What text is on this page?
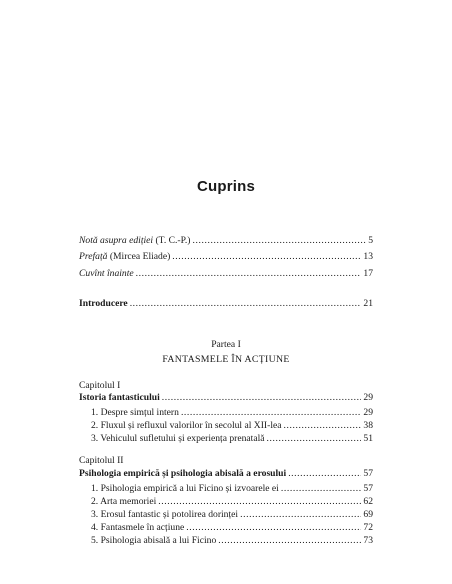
Cuprins
Notă asupra ediției (T. C.-P.) .....	5
Prefață (Mircea Eliade) .....	13
Cuvînt înainte .....	17
Introducere .....	21
Partea I
FANTASMELE ÎN ACȚIUNE
Capitolul I
Istoria fantasticului .....	29
1. Despre simțul intern .....	29
2. Fluxul și refluxul valorilor în secolul al XII-lea .....	38
3. Vehiculul sufletului și experiența prenatală .....	51
Capitolul II
Psihologia empirică și psihologia abisală a erosului .....	57
1. Psihologia empirică a lui Ficino și izvoarele ei .....	57
2. Arta memoriei .....	62
3. Erosul fantastic și potolirea dorinței .....	69
4. Fantasmele în acțiune .....	72
5. Psihologia abisală a lui Ficino .....	73
